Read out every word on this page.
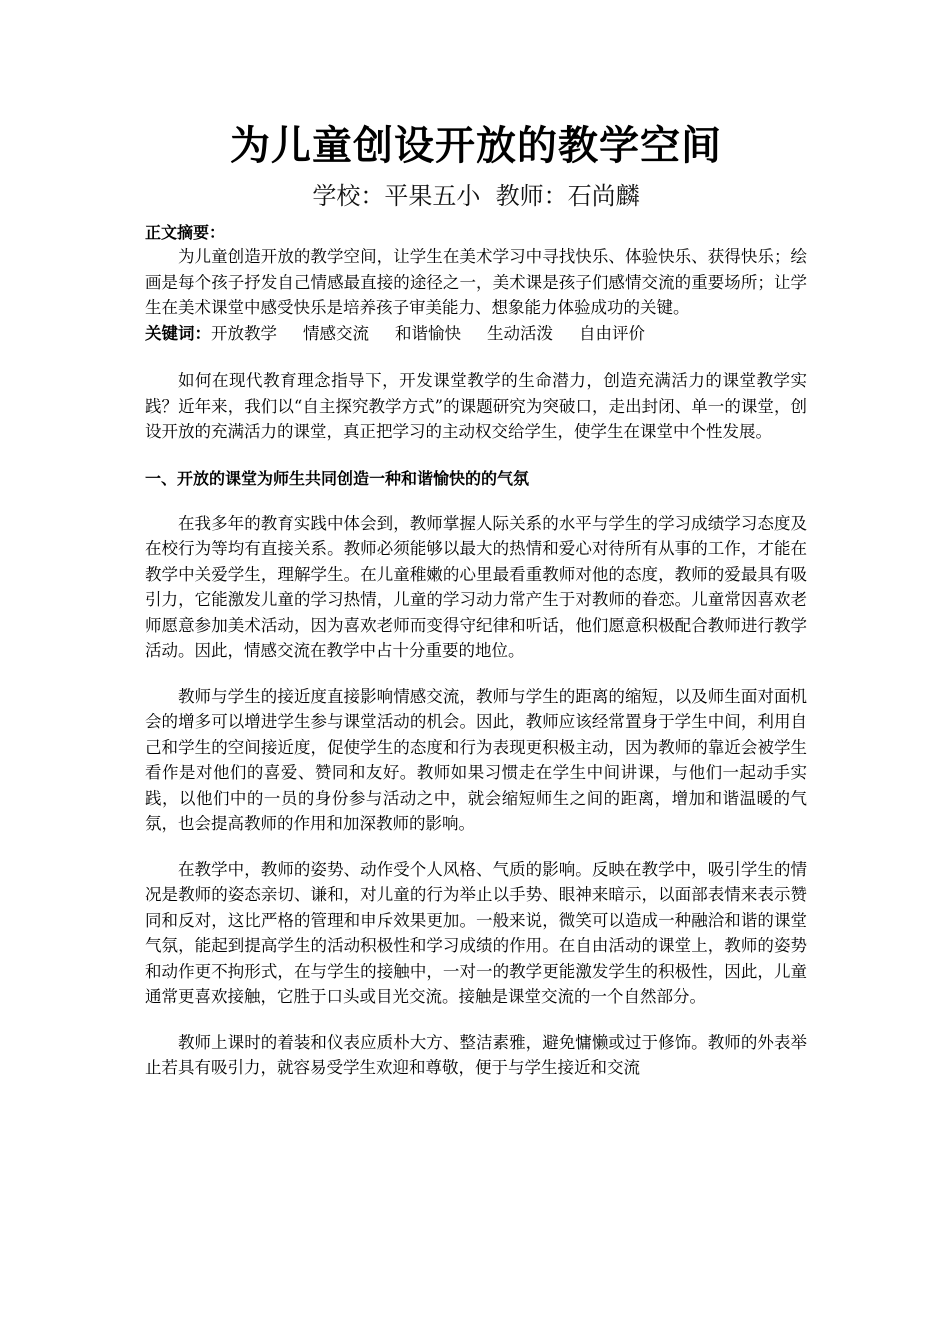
为儿童创设开放的教学空间
学校：平果五小 教师：石尚麟
正文摘要：

为儿童创造开放的教学空间，让学生在美术学习中寻找快乐、体验快乐、获得快乐；绘画是每个孩子抒发自己情感最直接的途径之一，美术课是孩子们感情交流的重要场所；让学生在美术课堂中感受快乐是培养孩子审美能力、想象能力体验成功的关键。

关键词：开放教学 情感交流 和谐愉快 生动活泼 自由评价

如何在现代教育理念指导下，开发课堂教学的生命潜力，创造充满活力的课堂教学实践？近年来，我们以“自主探究教学方式”的课题研究为突破口，走出封闭、单一的课堂，创设开放的充满活力的课堂，真正把学习的主动权交给学生，使学生在课堂中个性发展。

一、开放的课堂为师生共同创造一种和谐愉快的的气氛

在我多年的教育实践中体会到，教师掌握人际关系的水平与学生的学习成绩学习态度及在校行为等均有直接关系。教师必须能够以最大的热情和爱心对待所有从事的工作，才能在教学中关爱学生，理解学生。在儿童稚嫩的心里最看重教师对他的态度，教师的爱最具有吸引力，它能激发儿童的学习热情，儿童的学习动力常产生于对教师的眷恋。儿童常因喜欢老师愿意参加美术活动，因为喜欢老师而变得守纪律和听话，他们愿意积极配合教师进行教学活动。因此，情感交流在教学中占十分重要的地位。

教师与学生的接近度直接影响情感交流，教师与学生的距离的缩短，以及师生面对面机会的增多可以增进学生参与课堂活动的机会。因此，教师应该经常置身于学生中间，利用自己和学生的空间接近度，促使学生的态度和行为表现更积极主动，因为教师的靠近会被学生看作是对他们的喜爱、赞同和友好。教师如果习惯走在学生中间讲课，与他们一起动手实践，以他们中的一员的身份参与活动之中，就会缩短师生之间的距离，增加和谐温暖的气氛，也会提高教师的作用和加深教师的影响。

在教学中，教师的姿势、动作受个人风格、气质的影响。反映在教学中，吸引学生的情况是教师的姿态亲切、谦和，对儿童的行为举止以手势、眼神来暗示，以面部表情来表示赞同和反对，这比严格的管理和申斥效果更加。一般来说，微笑可以造成一种融洽和谐的课堂气氛，能起到提高学生的活动积极性和学习成绩的作用。在自由活动的课堂上，教师的姿势和动作更不拘形式，在与学生的接触中，一对一的教学更能激发学生的积极性，因此，儿童通常更喜欢接触，它胜于口头或目光交流。接触是课堂交流的一个自然部分。

教师上课时的着装和仪表应质朴大方、整洁素雅，避免慵懒或过于修饰。教师的外表举止若具有吸引力，就容易受学生欢迎和尊敬，便于与学生接近和交流
